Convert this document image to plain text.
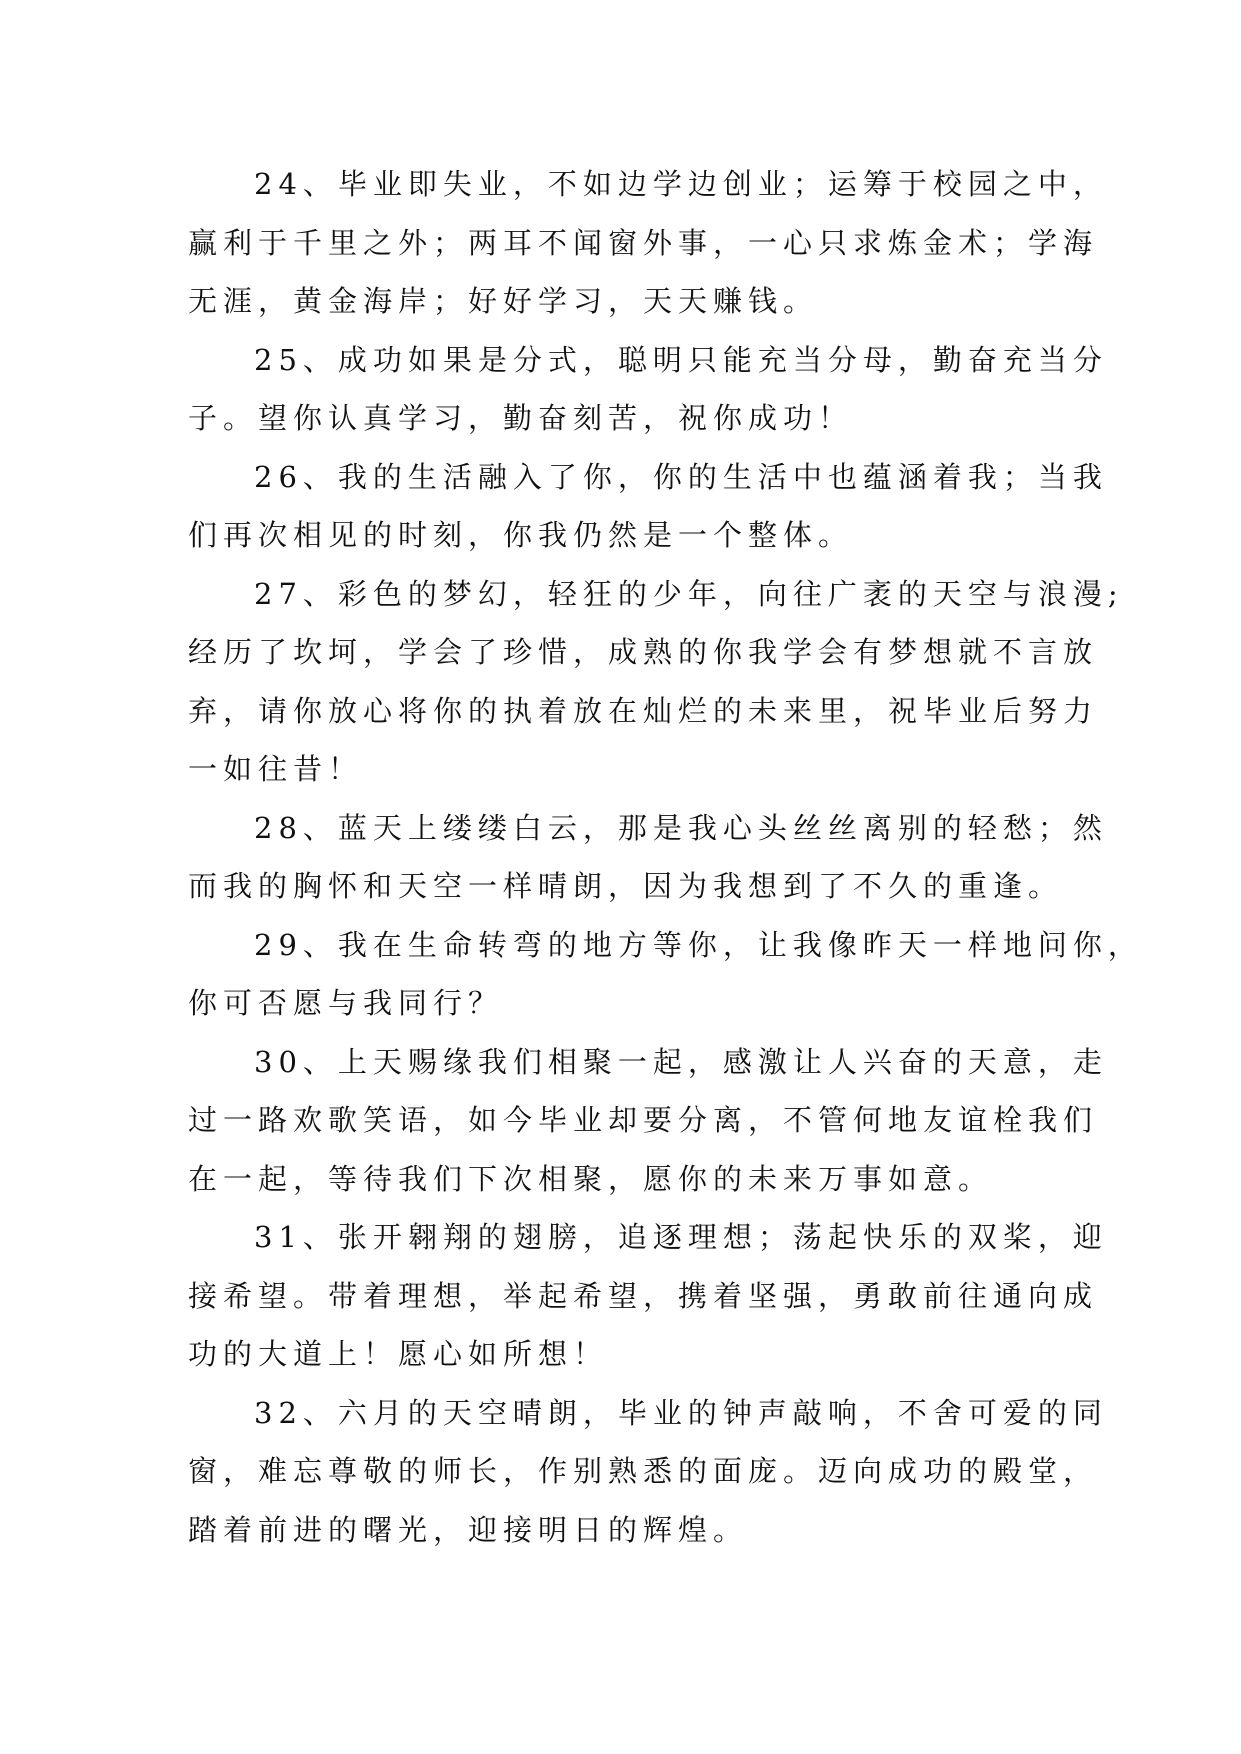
24、毕业即失业，不如边学边创业；运筹于校园之中，
赢利于千里之外；两耳不闻窗外事，一心只求炼金术；学海
无涯，黄金海岸；好好学习，天天赚钱。
25、成功如果是分式，聪明只能充当分母，勤奋充当分
子。望你认真学习，勤奋刻苦，祝你成功！
26、我的生活融入了你，你的生活中也蕴涵着我；当我
们再次相见的时刻，你我仍然是一个整体。
27、彩色的梦幻，轻狂的少年，向往广袤的天空与浪漫;
经历了坎坷，学会了珍惜，成熟的你我学会有梦想就不言放
弃，请你放心将你的执着放在灿烂的未来里，祝毕业后努力
一如往昔！
28、蓝天上缕缕白云，那是我心头丝丝离别的轻愁；然
而我的胸怀和天空一样晴朗，因为我想到了不久的重逢。
29、我在生命转弯的地方等你，让我像昨天一样地问你，
你可否愿与我同行？
30、上天赐缘我们相聚一起，感激让人兴奋的天意，走
过一路欢歌笑语，如今毕业却要分离，不管何地友谊栓我们
在一起，等待我们下次相聚，愿你的未来万事如意。
31、张开翱翔的翅膀，追逐理想；荡起快乐的双桨，迎
接希望。带着理想，举起希望，携着坚强，勇敢前往通向成
功的大道上！愿心如所想！
32、六月的天空晴朗，毕业的钟声敲响，不舍可爱的同
窗，难忘尊敬的师长，作别熟悉的面庞。迈向成功的殿堂，
踏着前进的曙光，迎接明日的辉煌。
